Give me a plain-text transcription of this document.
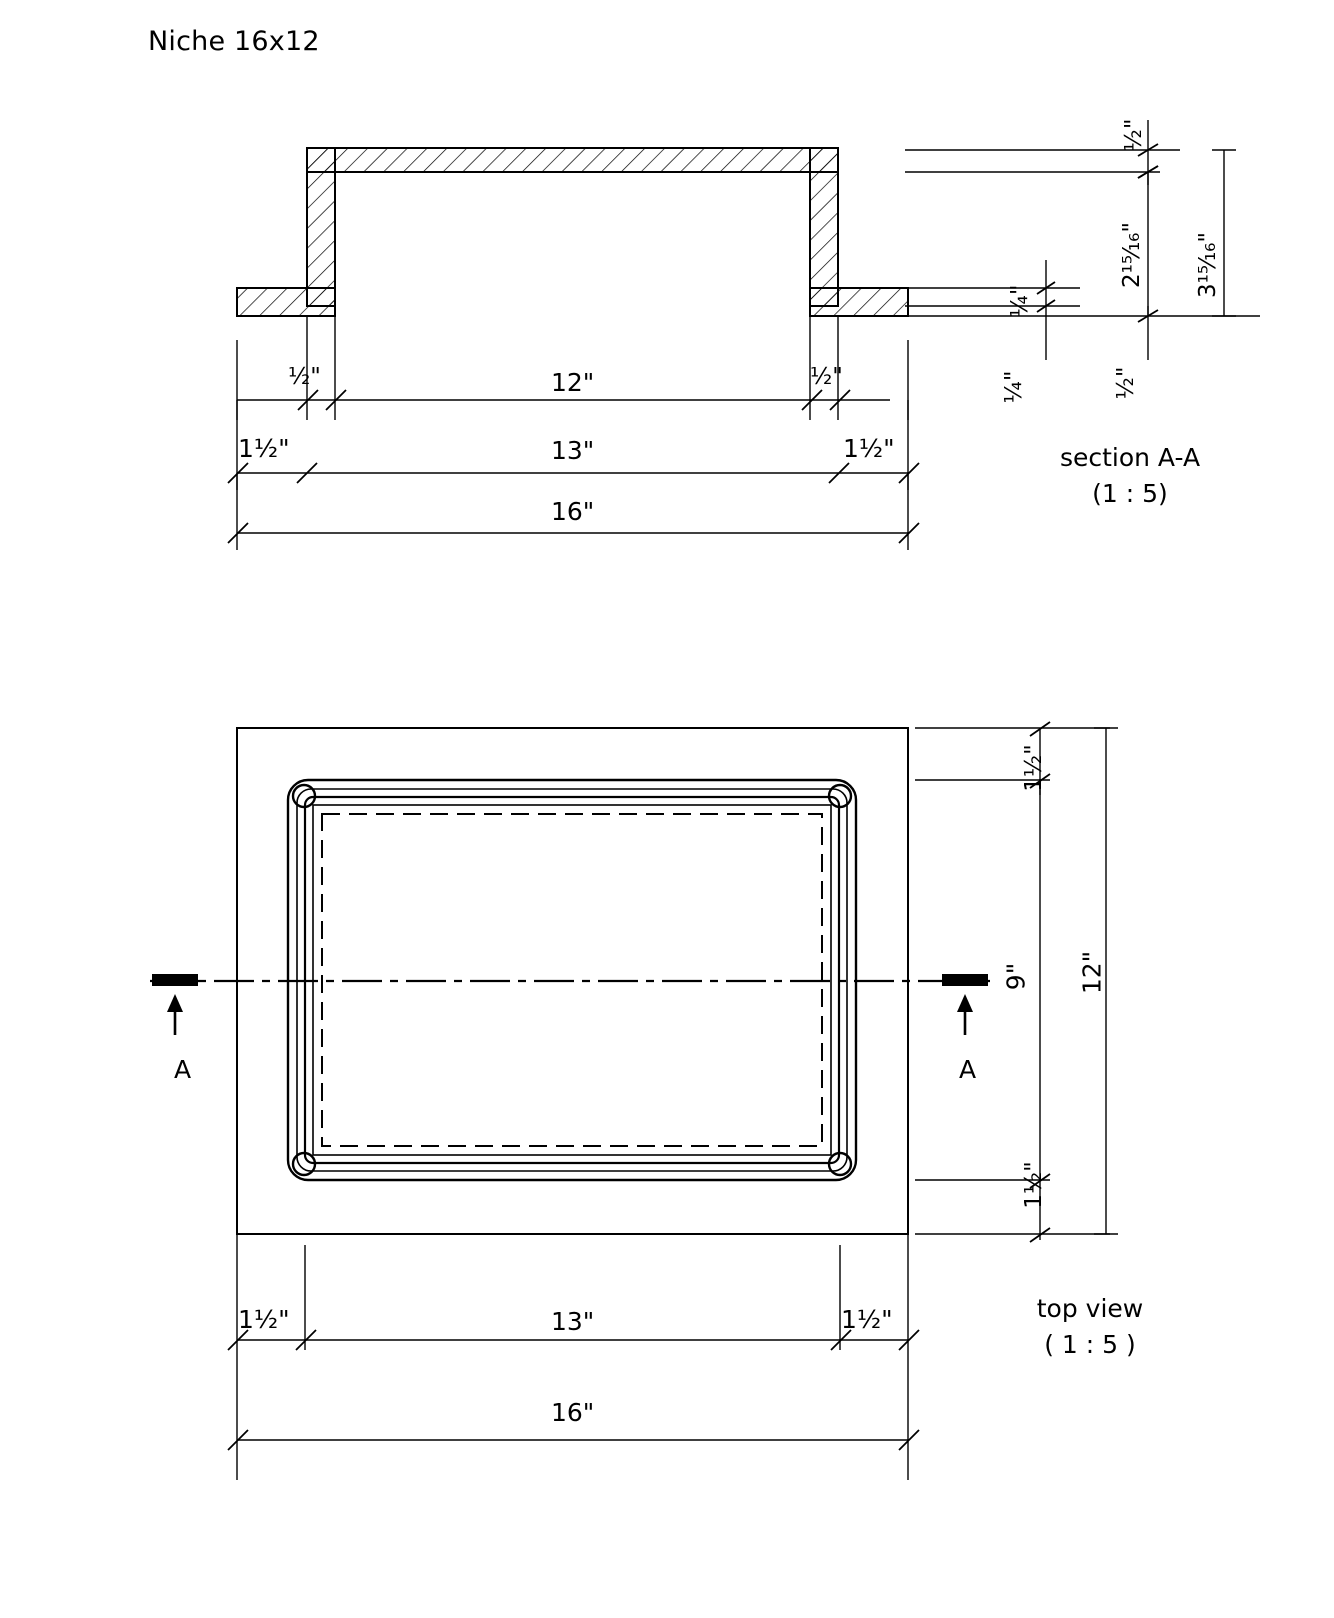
Niche 16x12
½"	12"	½"
1½"	13"	1½"
16"
½"
2¹⁵⁄₁₆" 3¹⁵⁄₁₆"
¼"
¼"	½"
section A-A
(1 : 5)
A	A
1½"
1½"
9" 12"
1½"	13"	1½"
16"
top view
( 1 : 5 )
